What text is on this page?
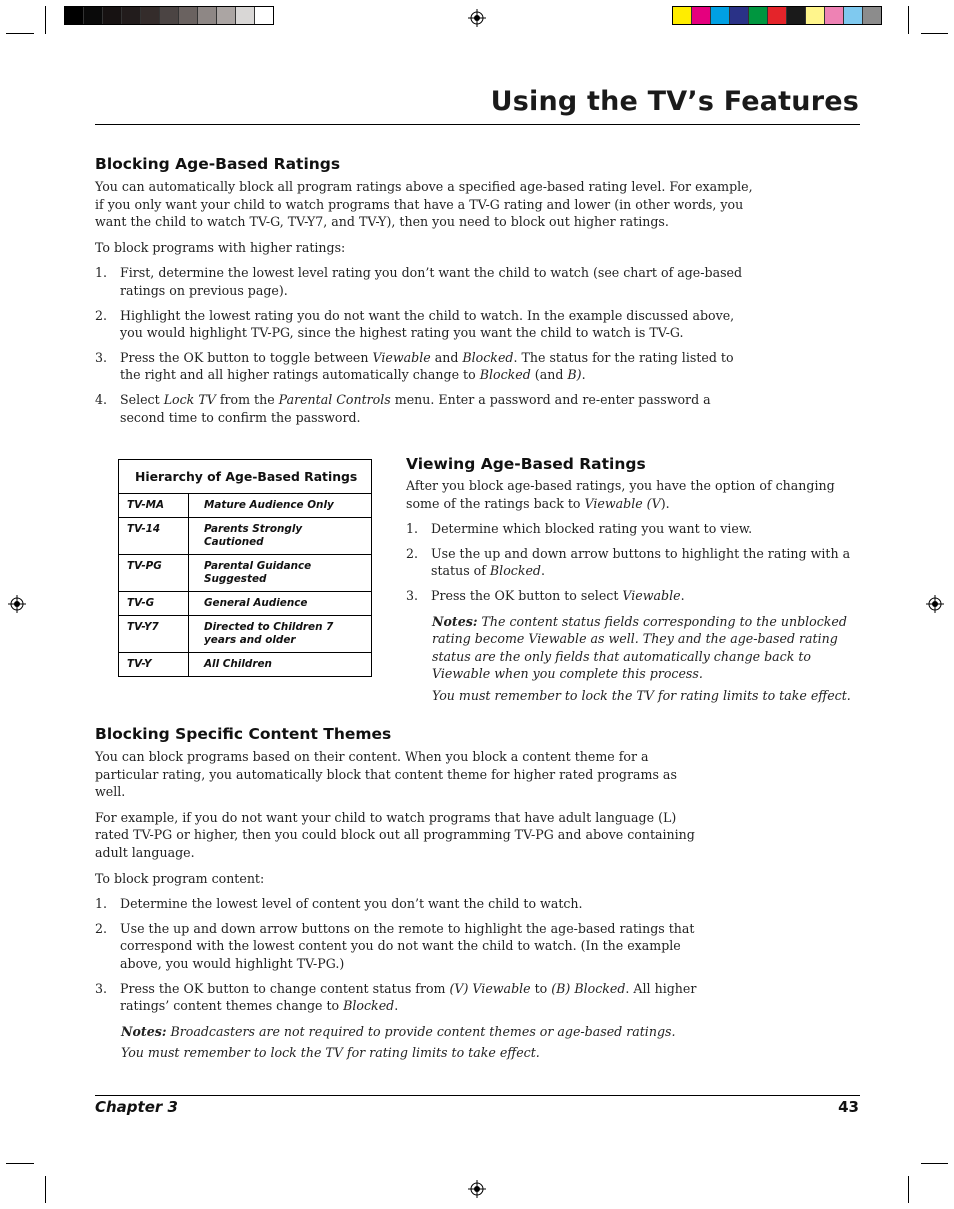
Using the TV’s Features
Blocking Age-Based Ratings

You can automatically block all program ratings above a specified age-based rating level. For example, if you only want your child to watch programs that have a TV-G rating and lower (in other words, you want the child to watch TV-G, TV-Y7, and TV-Y), then you need to block out higher ratings.

To block programs with higher ratings:

1. First, determine the lowest level rating you don’t want the child to watch (see chart of age-based ratings on previous page).
2. Highlight the lowest rating you do not want the child to watch. In the example discussed above, you would highlight TV-PG, since the highest rating you want the child to watch is TV-G.
3. Press the OK button to toggle between Viewable and Blocked. The status for the rating listed to the right and all higher ratings automatically change to Blocked (and B).
4. Select Lock TV from the Parental Controls menu. Enter a password and re-enter password a second time to confirm the password.
Hierarchy of Age-Based Ratings	
TV-MA	Mature Audience Only
TV-14	Parents Strongly Cautioned
TV-PG	Parental Guidance Suggested
TV-G	General Audience
TV-Y7	Directed to Children 7 years and older
TV-Y	All Children
Viewing Age-Based Ratings

After you block age-based ratings, you have the option of changing some of the ratings back to Viewable (V).

1. Determine which blocked rating you want to view.
2. Use the up and down arrow buttons to highlight the rating with a status of Blocked.
3. Press the OK button to select Viewable.

Notes: The content status fields corresponding to the unblocked rating become Viewable as well. They and the age-based rating status are the only fields that automatically change back to Viewable when you complete this process.

You must remember to lock the TV for rating limits to take effect.

Blocking Specific Content Themes

You can block programs based on their content. When you block a content theme for a particular rating, you automatically block that content theme for higher rated programs as well.

For example, if you do not want your child to watch programs that have adult language (L) rated TV-PG or higher, then you could block out all programming TV-PG and above containing adult language.

To block program content:

1. Determine the lowest level of content you don’t want the child to watch.
2. Use the up and down arrow buttons on the remote to highlight the age-based ratings that correspond with the lowest content you do not want the child to watch. (In the example above, you would highlight TV-PG.)
3. Press the OK button to change content status from (V) Viewable to (B) Blocked. All higher ratings’ content themes change to Blocked.

Notes: Broadcasters are not required to provide content themes or age-based ratings.

You must remember to lock the TV for rating limits to take effect.

Chapter 3	43
